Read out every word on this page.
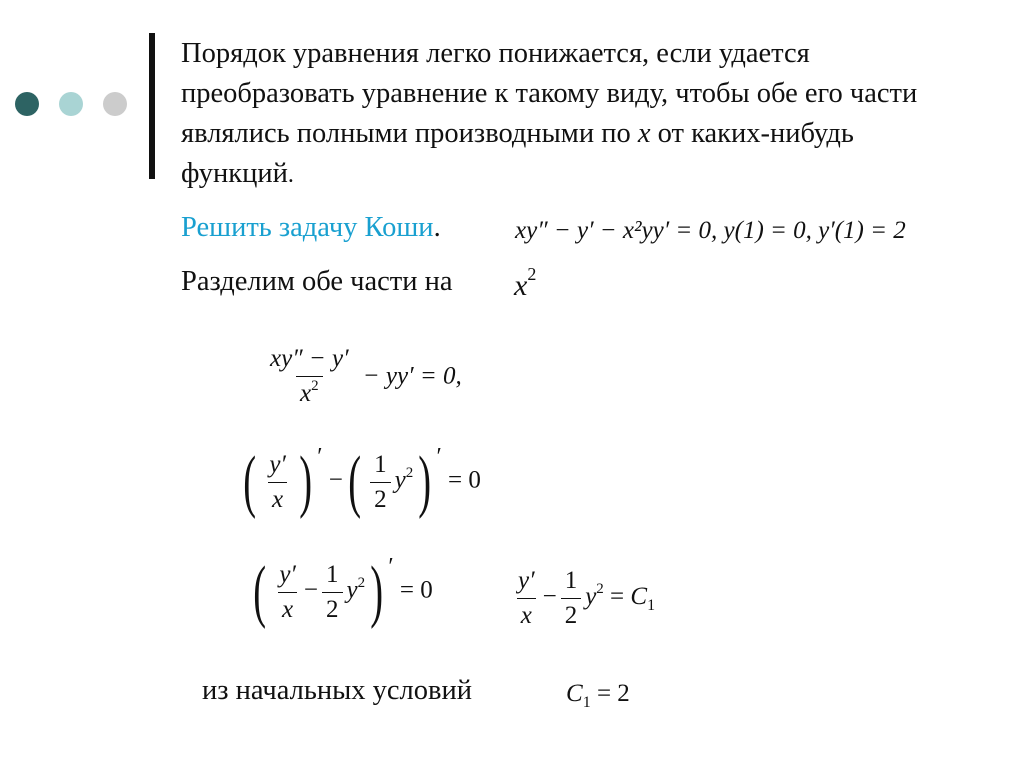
Порядок уравнения легко понижается, если удается преобразовать уравнение к такому виду, чтобы обе его части являлись полными производными по x от каких-нибудь функций.

Решить задачу Коши.	xy″ − y′ − x²yy′ = 0, y(1) = 0, y′(1) = 2
Разделим обе части на $x^2$
$\frac{xy'' - y'}{x^2} - yy' = 0$,
( $\frac{y'}{x}$ ) ′ −( $\frac{1}{2} y^2$) ′ = 0
( $\frac{y'}{x} - \frac{1}{2} y^2$) ′ = 0	$\frac{y'}{x} - \frac{1}{2} y^2 = C_1$
из начальных условий	$C_1 = 2$
